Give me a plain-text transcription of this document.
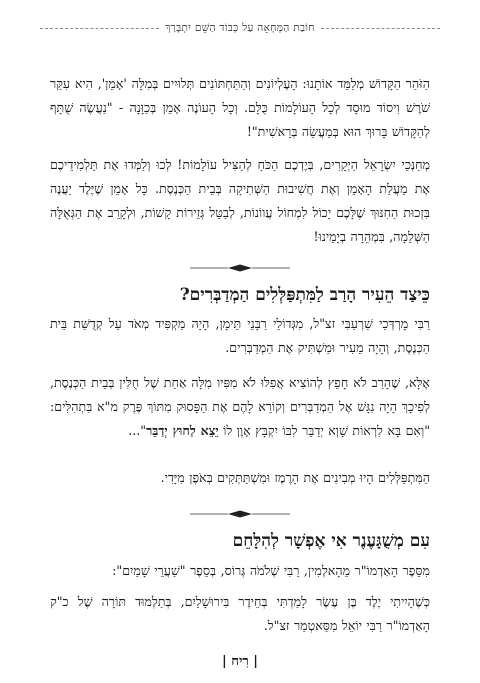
חוֹבַת הַמְּחָאָה עַל כְּבוֹד הַשֵּׁם יִתְבָּרַךְ

הַזֹּהַר הַקָּדוֹשׁ מְלַמֵּד אוֹתָנוּ: הָעֶלְיוֹנִים וְהַתַּחְתּוֹנִים תְּלוּיִים בְּמִלָּה 'אָמֵן', הִיא עִקַּר שֹׁרֶשׁ וִיסוֹד מוּסָד לְכָל הָעוֹלָמוֹת כֻּלָּם. וְכָל הָעוֹנֶה אָמֵן בְּכַוָּנָה - "נַעֲשֶׂה שֻׁתָּף לְהַקָּדוֹשׁ בָּרוּךְ הוּא בְּמַעֲשֵׂה בְּרֵאשִׁית"!

מְחַנְּכֵי יִשְׂרָאֵל הַיְּקָרִים, בְּיֶדְכֶם הַכֹּחַ לְהַצִּיל עוֹלָמוֹת! לְכוּ וְלַמְּדוּ אֶת תַּלְמִידֵיכֶם אֶת מַעֲלַת הָאָמֵן וְאֶת חֲשִׁיבוּת הַשְּׁתִיקָה בְּבֵית הַכְּנֶסֶת. כָּל אָמֵן שֶׁיֶּלֶד יַעֲנֶה בִּזְכוּת הַחִנּוּךְ שֶׁלָּכֶם יָכוֹל לִמְחוֹל עֲווֹנוֹת, לְבַטֵּל גְּזֵירוֹת קָשׁוֹת, וּלְקָרֵב אֶת הַגְּאֻלָּה הַשְּׁלֵמָה, בִּמְהֵרָה בְיָמֵינוּ!

כֵּיצַד הֵעִיר הָרַב לַמִּתְפַּלְּלִים הַמְדַבְּרִים?

רַבִּי מָרְדְּכַי שַׁרְעַבִּי זצ"ל, מִגְּדוֹלֵי רַבָּנֵי תֵּימָן, הָיָה מַקְפִּיד מְאֹד עַל קְדֻשַּׁת בֵּית הַכְּנֶסֶת, וְהָיָה מֵעִיר וּמַשְׁתִּיק אֶת הַמְדַבְּרִים.

אֶלָּא, שֶׁהָרַב לֹא חָפֵץ לְהוֹצִיא אֲפִלּוּ לֹא מִפִּיו מִלָּה אַחַת שֶׁל חֻלִּין בְּבֵית הַכְּנֶסֶת, לְפִיכָךְ הָיָה נִגָּשׁ אֶל הַמְדַבְּרִים וְקוֹרֵא לָהֶם אֶת הַפָּסוּק מִתּוֹךְ פֶּרֶק מ"א בִּתְהִלִּים: "וְאִם בָּא לִרְאוֹת שָׁוְא יְדַבֵּר לִבּוֹ יִקְבָּץ אָוֶן לוֹ יֵצֵא לַחוּץ יְדַבֵּר"...

הַמִּתְפַּלְּלִים הָיוּ מְבִינִים אֶת הָרֶמֶז וּמִשְׁתַּתְּקִים בְּאֹפֶן מִיָּדִי.

עִם מְשֻׁגָּעֶנֶר אִי אֶפְשָׁר לְהִלָּחֵם

מִסֵּפֶר הָאַדְמוֹ"ר מֵהָאלְמִין, רַבִּי שְׁלֹמֹה גְּרוֹס, בְּסֵפֶר "שַׁעֲרֵי שָׁמַיִם":

כְּשֶׁהָיִיתִי יֶלֶד בֶּן עֶשֶׂר לָמַדְתִּי בְּחֵידֶר בִּירוּשָׁלַיִם, בְּתַלְמוּד תּוֹרָה שֶׁל כ"ק הָאַדְמוֹ"ר רַבִּי יוֹאֵל מִסַּאטְמַר זצ"ל.

| רִיח |
